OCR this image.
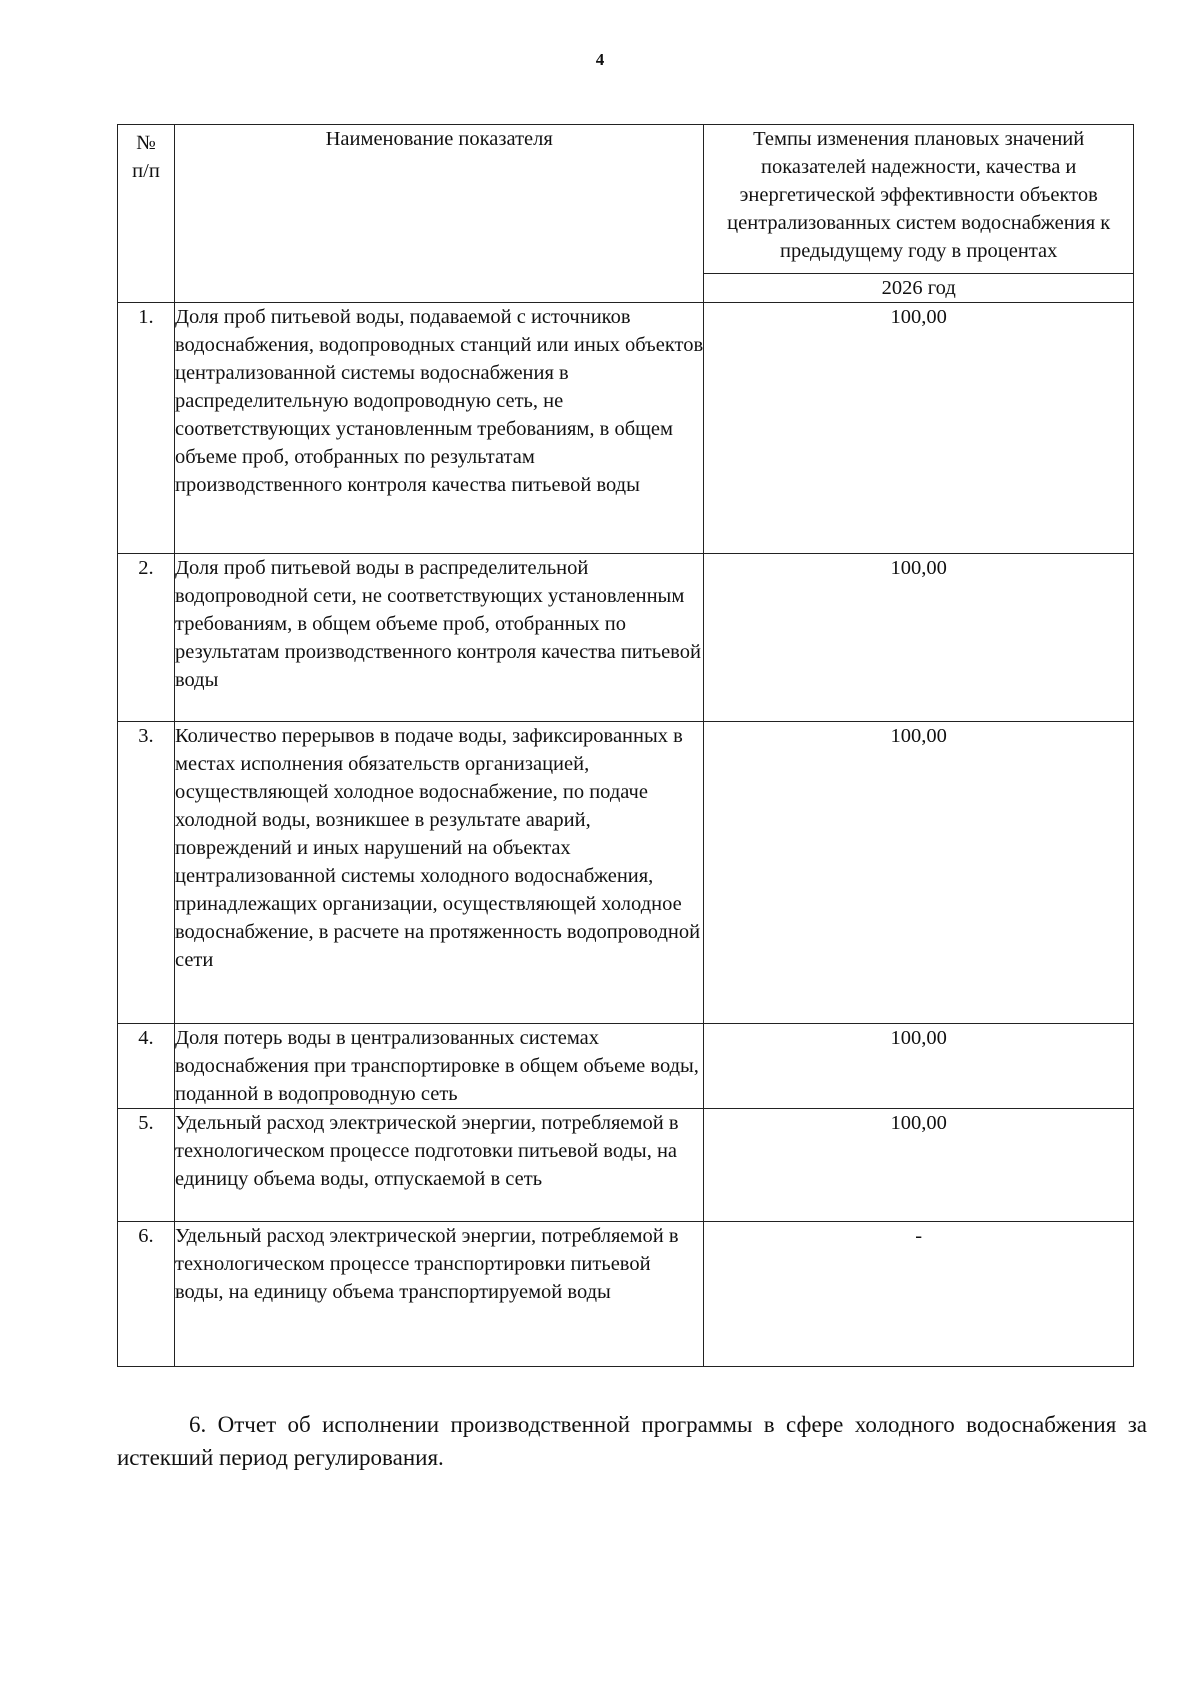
4
№ п/п	Наименование показателя	Темпы изменения плановых значений показателей надежности, качества и энергетической эффективности объектов централизованных систем водоснабжения к предыдущему году в процентах
		2026 год
1.	Доля проб питьевой воды, подаваемой с источников водоснабжения, водопроводных станций или иных объектов централизованной системы водоснабжения в распределительную водопроводную сеть, не соответствующих установленным требованиям, в общем объеме проб, отобранных по результатам производственного контроля качества питьевой воды	100,00
2.	Доля проб питьевой воды в распределительной водопроводной сети, не соответствующих установленным требованиям, в общем объеме проб, отобранных по результатам производственного контроля качества питьевой воды	100,00
3.	Количество перерывов в подаче воды, зафиксированных в местах исполнения обязательств организацией, осуществляющей холодное водоснабжение, по подаче холодной воды, возникшее в результате аварий, повреждений и иных нарушений на объектах централизованной системы холодного водоснабжения, принадлежащих организации, осуществляющей холодное водоснабжение, в расчете на протяженность водопроводной сети	100,00
4.	Доля потерь воды в централизованных системах водоснабжения при транспортировке в общем объеме воды, поданной в водопроводную сеть	100,00
5.	Удельный расход электрической энергии, потребляемой в технологическом процессе подготовки питьевой воды, на единицу объема воды, отпускаемой в сеть	100,00
6.	Удельный расход электрической энергии, потребляемой в технологическом процессе транспортировки питьевой воды, на единицу объема транспортируемой воды	-
6. Отчет об исполнении производственной программы в сфере холодного водоснабжения за истекший период регулирования.
